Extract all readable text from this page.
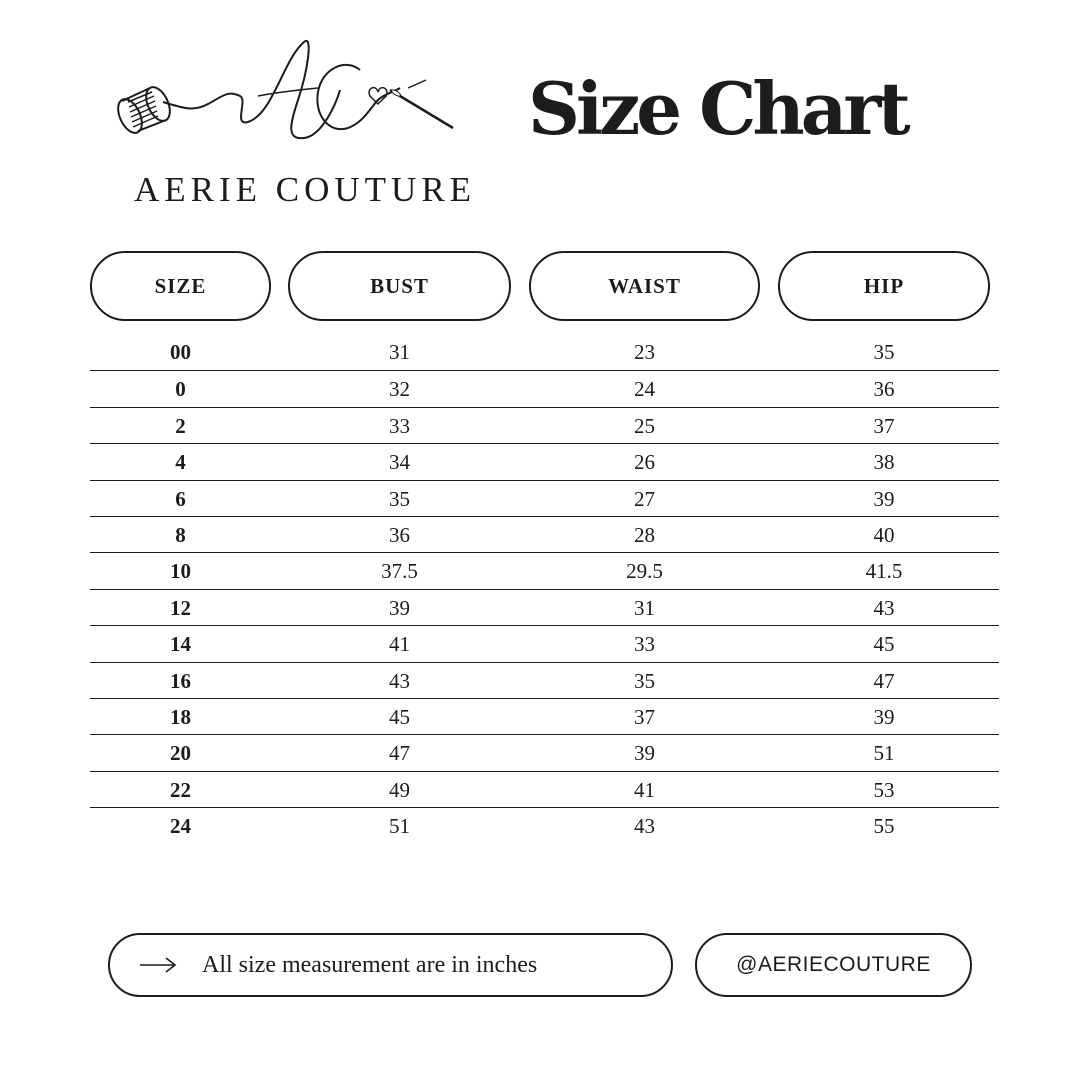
AERIE COUTURE
Size Chart
SIZE	BUST	WAIST	HIP
00	31	23	35
0	32	24	36
2	33	25	37
4	34	26	38
6	35	27	39
8	36	28	40
10	37.5	29.5	41.5
12	39	31	43
14	41	33	45
16	43	35	47
18	45	37	39
20	47	39	51
22	49	41	53
24	51	43	55
All size measurement are in inches	@AERIECOUTURE
